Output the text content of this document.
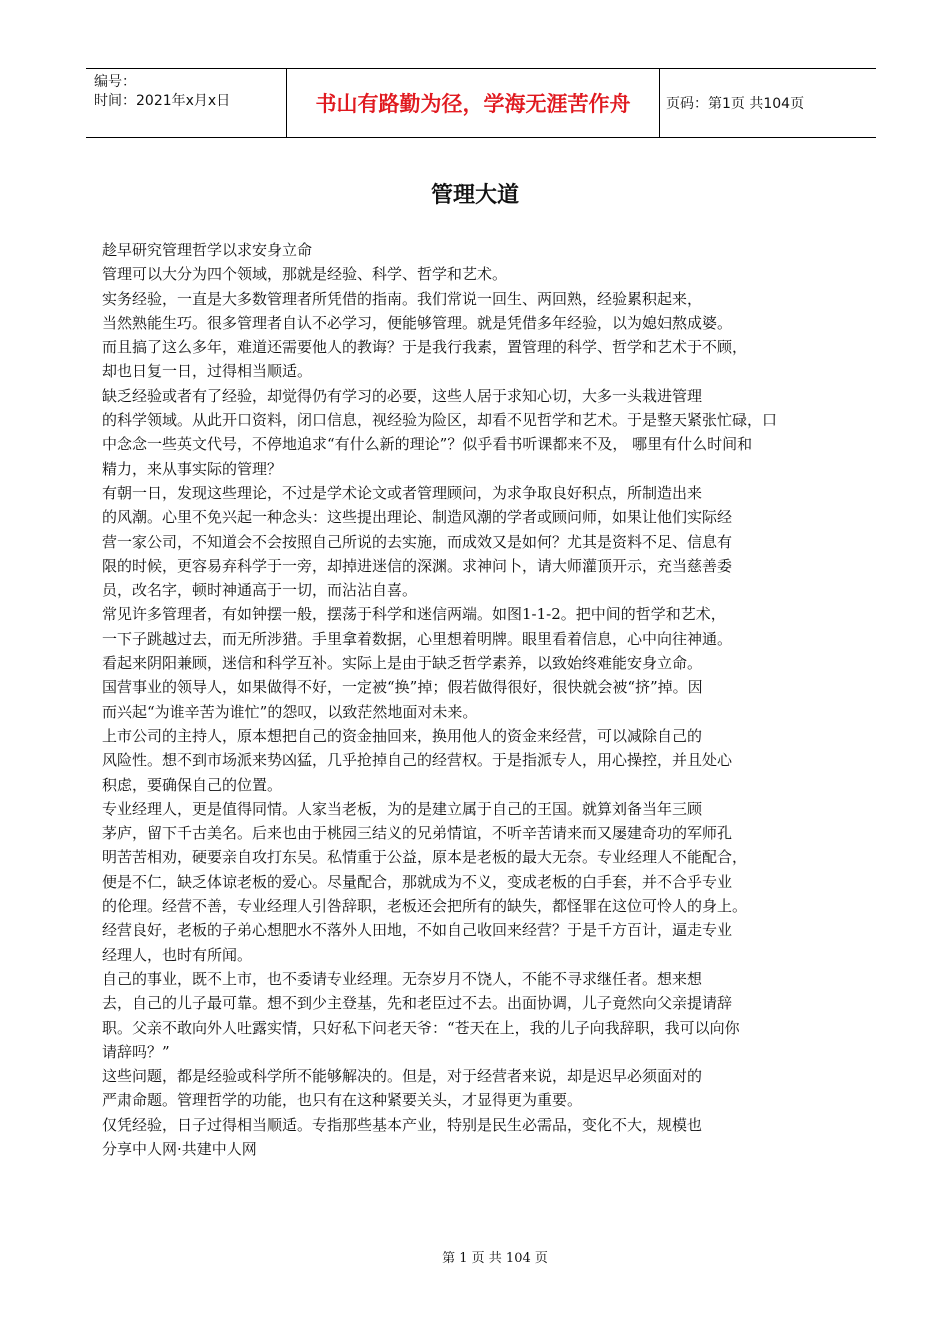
编号：
时间：2021年x月x日	书山有路勤为径，学海无涯苦作舟	页码：第1页 共104页
管理大道
趁早研究管理哲学以求安身立命
管理可以大分为四个领域，那就是经验、科学、哲学和艺术。
实务经验，一直是大多数管理者所凭借的指南。我们常说一回生、两回熟，经验累积起来，
当然熟能生巧。很多管理者自认不必学习，便能够管理。就是凭借多年经验，以为媳妇熬成婆。
而且搞了这么多年，难道还需要他人的教诲？于是我行我素，置管理的科学、哲学和艺术于不顾，
却也日复一日，过得相当顺适。
缺乏经验或者有了经验，却觉得仍有学习的必要，这些人居于求知心切，大多一头栽进管理
的科学领域。从此开口资料，闭口信息，视经验为险区，却看不见哲学和艺术。于是整天紧张忙碌，口
中念念一些英文代号，不停地追求“有什么新的理论”？似乎看书听课都来不及， 哪里有什么时间和
精力，来从事实际的管理？
有朝一日，发现这些理论，不过是学术论文或者管理顾问，为求争取良好积点，所制造出来
的风潮。心里不免兴起一种念头：这些提出理论、制造风潮的学者或顾问师，如果让他们实际经
营一家公司，不知道会不会按照自己所说的去实施，而成效又是如何？尤其是资料不足、信息有
限的时候，更容易弃科学于一旁，却掉进迷信的深渊。求神问卜，请大师灌顶开示，充当慈善委
员，改名字，顿时神通高于一切，而沾沾自喜。
常见许多管理者，有如钟摆一般，摆荡于科学和迷信两端。如图1-1-2。把中间的哲学和艺术，
一下子跳越过去，而无所涉猎。手里拿着数据，心里想着明牌。眼里看着信息，心中向往神通。
看起来阴阳兼顾，迷信和科学互补。实际上是由于缺乏哲学素养，以致始终难能安身立命。
国营事业的领导人，如果做得不好，一定被“换”掉；假若做得很好，很快就会被“挤”掉。因
而兴起“为谁辛苦为谁忙”的怨叹，以致茫然地面对未来。
上市公司的主持人，原本想把自己的资金抽回来，换用他人的资金来经营，可以减除自己的
风险性。想不到市场派来势凶猛，几乎抢掉自己的经营权。于是指派专人，用心操控，并且处心
积虑，要确保自己的位置。
专业经理人，更是值得同情。人家当老板，为的是建立属于自己的王国。就算刘备当年三顾
茅庐，留下千古美名。后来也由于桃园三结义的兄弟情谊，不听辛苦请来而又屡建奇功的军师孔
明苦苦相劝，硬要亲自攻打东吴。私情重于公益，原本是老板的最大无奈。专业经理人不能配合，
便是不仁，缺乏体谅老板的爱心。尽量配合，那就成为不义，变成老板的白手套，并不合乎专业
的伦理。经营不善，专业经理人引咎辞职，老板还会把所有的缺失，都怪罪在这位可怜人的身上。
经营良好，老板的子弟心想肥水不落外人田地，不如自己收回来经营？于是千方百计，逼走专业
经理人，也时有所闻。
自己的事业，既不上市，也不委请专业经理。无奈岁月不饶人，不能不寻求继任者。想来想
去，自己的儿子最可靠。想不到少主登基，先和老臣过不去。出面协调，儿子竟然向父亲提请辞
职。父亲不敢向外人吐露实情，只好私下问老天爷：“苍天在上，我的儿子向我辞职，我可以向你
请辞吗？”
这些问题，都是经验或科学所不能够解决的。但是，对于经营者来说，却是迟早必须面对的
严肃命题。管理哲学的功能，也只有在这种紧要关头，才显得更为重要。
仅凭经验，日子过得相当顺适。专指那些基本产业，特别是民生必需品，变化不大，规模也
分享中人网·共建中人网
第 1 页 共 104 页
